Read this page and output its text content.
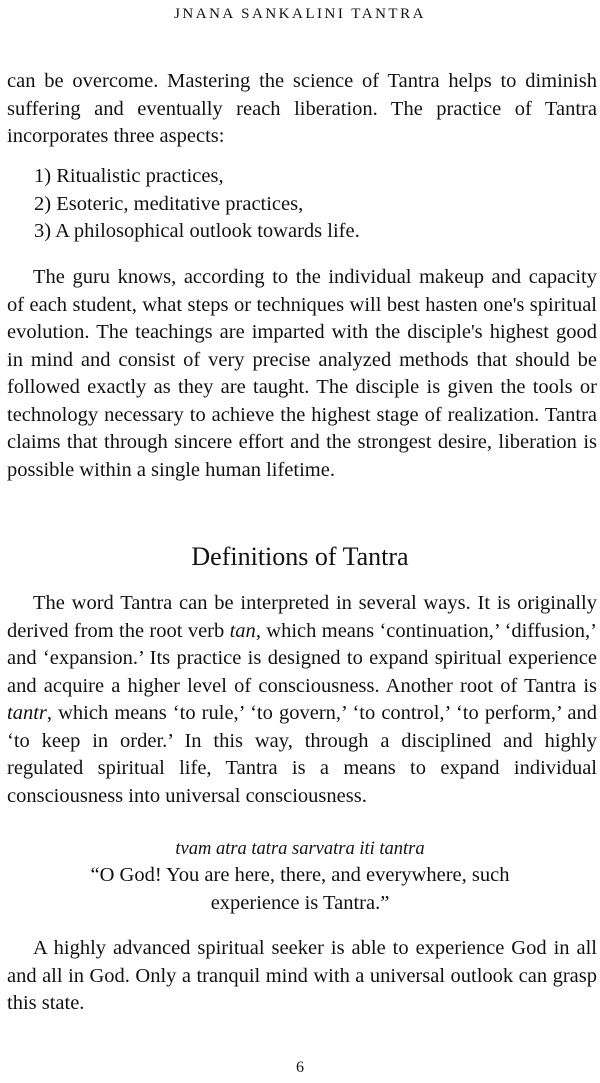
JNANA SANKALINI TANTRA
can be overcome. Mastering the science of Tantra helps to diminish suffering and eventually reach liberation. The practice of Tantra incorporates three aspects:
1) Ritualistic practices,
2) Esoteric, meditative practices,
3) A philosophical outlook towards life.
The guru knows, according to the individual makeup and capacity of each student, what steps or techniques will best hasten one's spiritual evolution. The teachings are imparted with the disciple's highest good in mind and consist of very precise analyzed methods that should be followed exactly as they are taught. The disciple is given the tools or technology necessary to achieve the highest stage of realization. Tantra claims that through sincere effort and the strongest desire, liberation is possible within a single human lifetime.
Definitions of Tantra
The word Tantra can be interpreted in several ways. It is originally derived from the root verb tan, which means ‘continuation,’ ‘diffusion,’ and ‘expansion.’ Its practice is designed to expand spiritual experience and acquire a higher level of consciousness. Another root of Tantra is tantr, which means ‘to rule,’ ‘to govern,’ ‘to control,’ ‘to perform,’ and ‘to keep in order.’ In this way, through a disciplined and highly regulated spiritual life, Tantra is a means to expand individual consciousness into universal consciousness.
tvam atra tatra sarvatra iti tantra
“O God! You are here, there, and everywhere, such experience is Tantra.”
A highly advanced spiritual seeker is able to experience God in all and all in God. Only a tranquil mind with a universal outlook can grasp this state.
6
